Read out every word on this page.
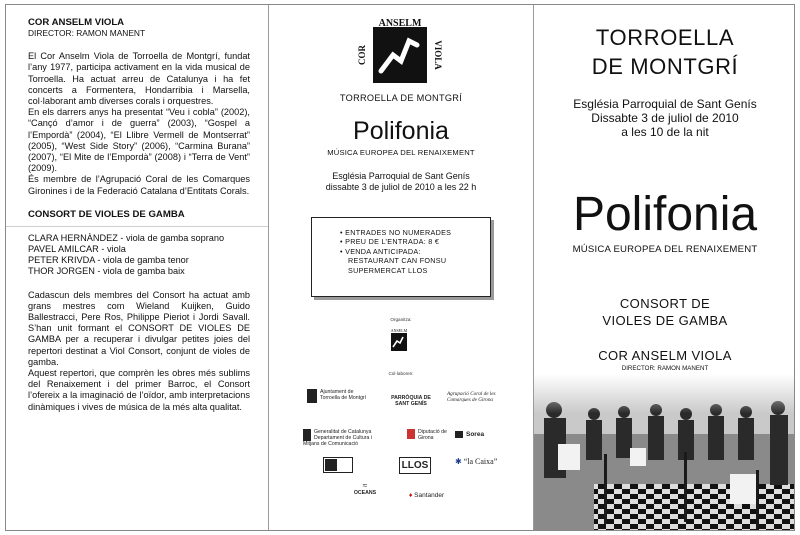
COR ANSELM VIOLA
DIRECTOR: RAMON MANENT

El Cor Anselm Viola de Torroella de Montgrí, fundat l’any 1977, participa activament en la vida musical de Torroella. Ha actuat arreu de Catalunya i ha fet concerts a Formentera, Hondarribia i Marsella, col·laborant amb diverses corals i orquestres.

En els darrers anys ha presentat “Veu i cobla” (2002), “Cançó d’amor i de guerra” (2003), “Gospel a l’Empordà” (2004), “El Llibre Vermell de Montserrat” (2005), “West Side Story” (2006), “Carmina Burana” (2007), “El Mite de l’Empordà” (2008) i “Terra de Vent” (2009).

És membre de l’Agrupació Coral de les Comarques Gironines i de la Federació Catalana d’Entitats Corals.

CONSORT DE VIOLES DE GAMBA
CLARA HERNÀNDEZ - viola de gamba soprano
PAVEL AMILCAR - viola
PETER KRIVDA - viola de gamba tenor
THOR JORGEN - viola de gamba baix

Cadascun dels membres del Consort ha actuat amb grans mestres com Wieland Kuijken, Guido Ballestracci, Pere Ros, Philippe Pieriot i Jordi Savall. S’han unit formant el CONSORT DE VIOLES DE GAMBA per a recuperar i divulgar petites joies del repertori destinat a Viol Consort, conjunt de violes de gamba.

Aquest repertori, que comprèn les obres més sublims del Renaixement i del primer Barroc, el Consort l’ofereix a la imaginació de l’oïdor, amb interpretacions dinàmiques i vives de música de la més alta qualitat.

ANSELM
COR	VIOLA
TORROELLA DE MONTGRÍ
Polifonia
MÚSICA EUROPEA DEL RENAIXEMENT
Església Parroquial de Sant Genís
dissabte 3 de juliol de 2010 a les 22 h
• ENTRADES NO NUMERADES
• PREU DE L’ENTRADA: 8 €
• VENDA ANTICIPADA:
RESTAURANT CAN FONSU
SUPERMERCAT LLOS
Organitza:
ANSELM
Col·laboren:
Ajuntament de Torroella de Montgrí	PARRÒQUIA DE SANT GENÍS
Agrupació Coral de les Comarques de Girona
Generalitat de Catalunya Departament de Cultura i Mitjans de Comunicació
Diputació de Girona	Sorea
LLOS	✱ “la Caixa”
≈
OCEANS	♦ Santander
TORROELLA
DE MONTGRÍ
Església Parroquial de Sant Genís
Dissabte 3 de juliol de 2010
a les 10 de la nit
Polifonia
MÚSICA EUROPEA DEL RENAIXEMENT
CONSORT DE
VIOLES DE GAMBA
COR ANSELM VIOLA
DIRECTOR: RAMON MANENT
